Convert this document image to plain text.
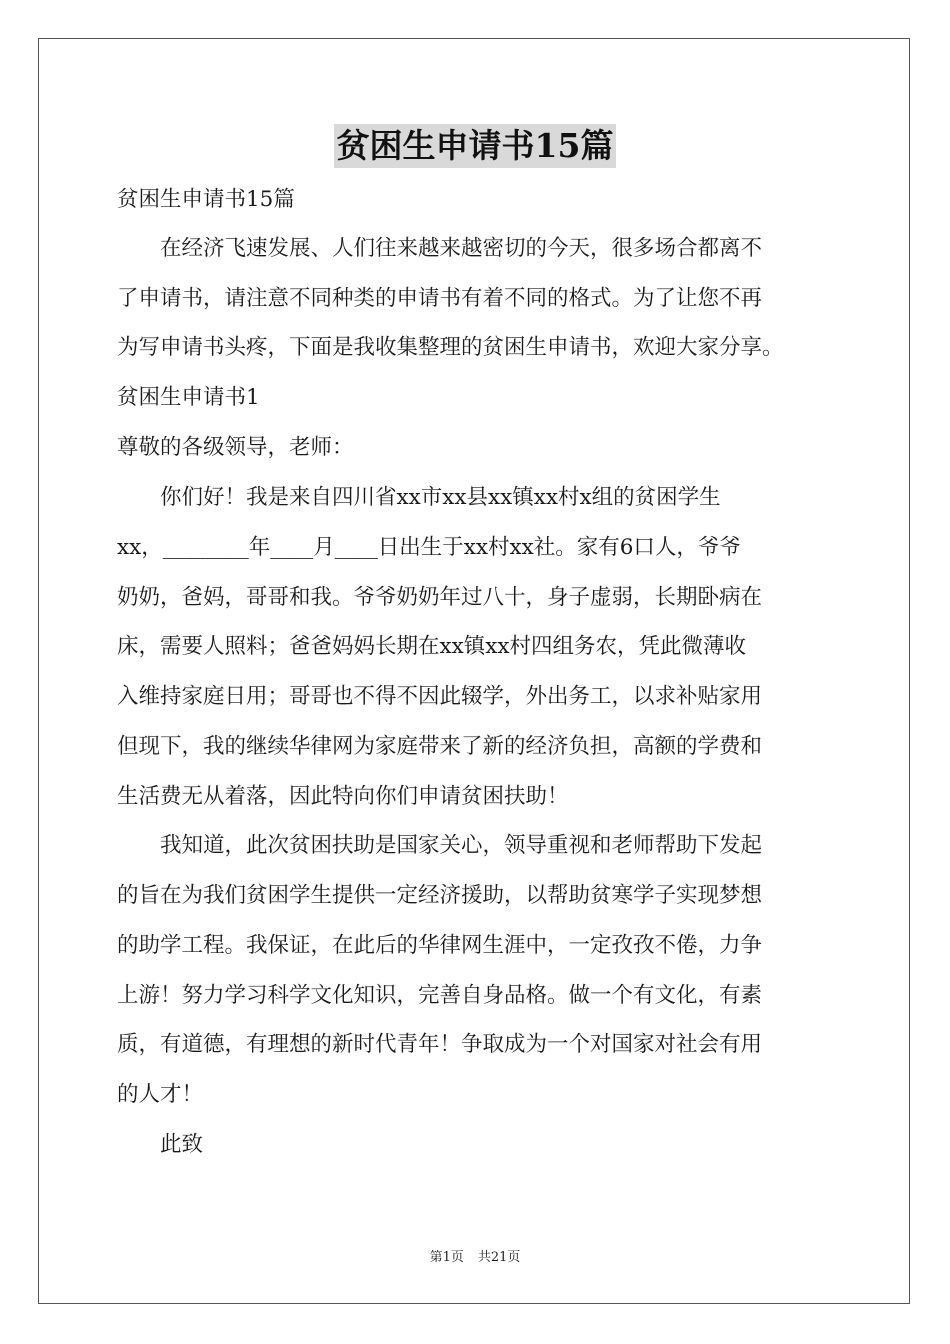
贫困生申请书15篇
贫困生申请书15篇
　　在经济飞速发展、人们往来越来越密切的今天，很多场合都离不
了申请书，请注意不同种类的申请书有着不同的格式。为了让您不再
为写申请书头疼，下面是我收集整理的贫困生申请书，欢迎大家分享。
贫困生申请书1
尊敬的各级领导，老师：
　　你们好！我是来自四川省xx市xx县xx镇xx村x组的贫困学生
xx，________年____月____日出生于xx村xx社。家有6口人，爷爷
奶奶，爸妈，哥哥和我。爷爷奶奶年过八十，身子虚弱，长期卧病在
床，需要人照料；爸爸妈妈长期在xx镇xx村四组务农，凭此微薄收
入维持家庭日用；哥哥也不得不因此辍学，外出务工，以求补贴家用
但现下，我的继续华律网为家庭带来了新的经济负担，高额的学费和
生活费无从着落，因此特向你们申请贫困扶助！
　　我知道，此次贫困扶助是国家关心，领导重视和老师帮助下发起
的旨在为我们贫困学生提供一定经济援助，以帮助贫寒学子实现梦想
的助学工程。我保证，在此后的华律网生涯中，一定孜孜不倦，力争
上游！努力学习科学文化知识，完善自身品格。做一个有文化，有素
质，有道德，有理想的新时代青年！争取成为一个对国家对社会有用
的人才！
　　此致
第1页 共21页
